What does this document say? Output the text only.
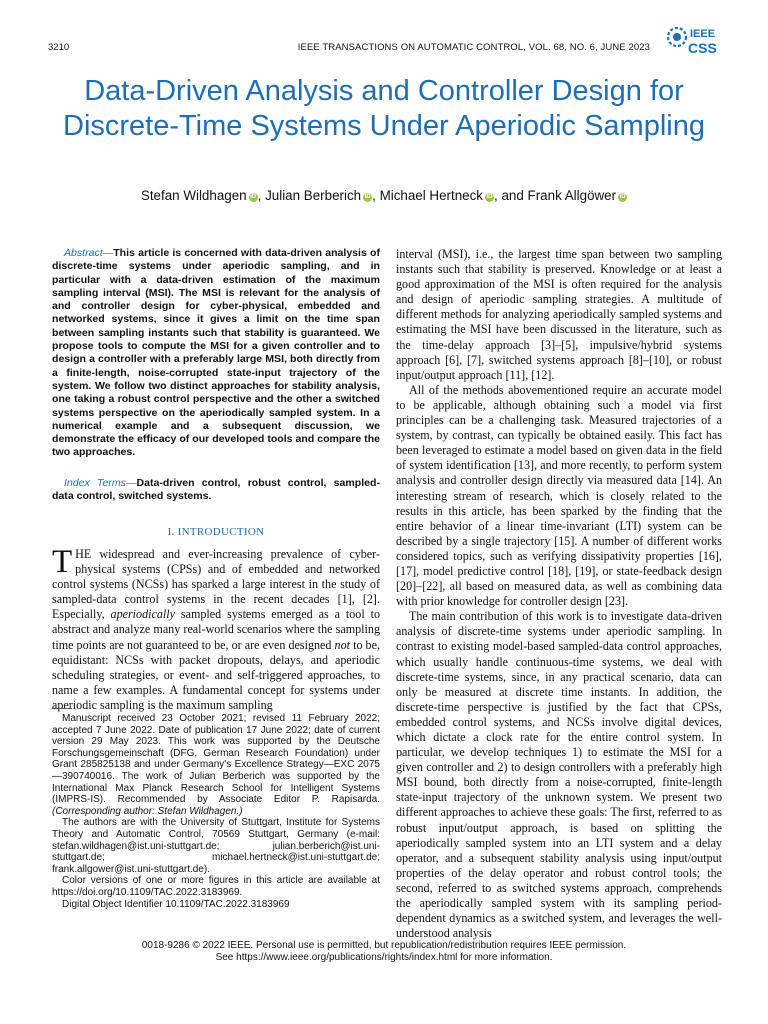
3210	IEEE TRANSACTIONS ON AUTOMATIC CONTROL, VOL. 68, NO. 6, JUNE 2023
IEEE
CSS
Data-Driven Analysis and Controller Design for Discrete-Time Systems Under Aperiodic Sampling
Stefan Wildhagen iD , Julian Berberich iD , Michael Hertneck iD , and Frank Allgöwer iD

Abstract—This article is concerned with data-driven analysis of discrete-time systems under aperiodic sampling, and in particular with a data-driven estimation of the maximum sampling interval (MSI). The MSI is relevant for the analysis of and controller design for cyber-physical, embedded and networked systems, since it gives a limit on the time span between sampling instants such that stability is guaranteed. We propose tools to compute the MSI for a given controller and to design a controller with a preferably large MSI, both directly from a finite-length, noise-corrupted state-input trajectory of the system. We follow two distinct approaches for stability analysis, one taking a robust control perspective and the other a switched systems perspective on the aperiodically sampled system. In a numerical example and a subsequent discussion, we demonstrate the efficacy of our developed tools and compare the two approaches.

Index Terms—Data-driven control, robust control, sampled-data control, switched systems.

I. INTRODUCTION

THE widespread and ever-increasing prevalence of cyber-physical systems (CPSs) and of embedded and networked control systems (NCSs) has sparked a large interest in the study of sampled-data control systems in the recent decades [1], [2]. Especially, aperiodically sampled systems emerged as a tool to abstract and analyze many real-world scenarios where the sampling time points are not guaranteed to be, or are even designed not to be, equidistant: NCSs with packet dropouts, delays, and aperiodic scheduling strategies, or event- and self-triggered approaches, to name a few examples. A fundamental concept for systems under aperiodic sampling is the maximum sampling

Manuscript received 23 October 2021; revised 11 February 2022; accepted 7 June 2022. Date of publication 17 June 2022; date of current version 29 May 2023. This work was supported by the Deutsche Forschungsgemeinschaft (DFG, German Research Foundation) under Grant 285825138 and under Germany's Excellence Strategy—EXC 2075—390740016. The work of Julian Berberich was supported by the International Max Planck Research School for Intelligent Systems (IMPRS-IS). Recommended by Associate Editor P. Rapisarda. (Corresponding author: Stefan Wildhagen.)

The authors are with the University of Stuttgart, Institute for Systems Theory and Automatic Control, 70569 Stuttgart, Germany (e-mail: stefan.wildhagen@ist.uni-stuttgart.de; julian.berberich@ist.uni-stuttgart.de; michael.hertneck@ist.uni-stuttgart.de; frank.allgower@ist.uni-stuttgart.de).

Color versions of one or more figures in this article are available at https://doi.org/10.1109/TAC.2022.3183969.

Digital Object Identifier 10.1109/TAC.2022.3183969

interval (MSI), i.e., the largest time span between two sampling instants such that stability is preserved. Knowledge or at least a good approximation of the MSI is often required for the analysis and design of aperiodic sampling strategies. A multitude of different methods for analyzing aperiodically sampled systems and estimating the MSI have been discussed in the literature, such as the time-delay approach [3]–[5], impulsive/hybrid systems approach [6], [7], switched systems approach [8]–[10], or robust input/output approach [11], [12].

All of the methods abovementioned require an accurate model to be applicable, although obtaining such a model via first principles can be a challenging task. Measured trajectories of a system, by contrast, can typically be obtained easily. This fact has been leveraged to estimate a model based on given data in the field of system identification [13], and more recently, to perform system analysis and controller design directly via measured data [14]. An interesting stream of research, which is closely related to the results in this article, has been sparked by the finding that the entire behavior of a linear time-invariant (LTI) system can be described by a single trajectory [15]. A number of different works considered topics, such as verifying dissipativity properties [16], [17], model predictive control [18], [19], or state-feedback design [20]–[22], all based on measured data, as well as combining data with prior knowledge for controller design [23].

The main contribution of this work is to investigate data-driven analysis of discrete-time systems under aperiodic sampling. In contrast to existing model-based sampled-data control approaches, which usually handle continuous-time systems, we deal with discrete-time systems, since, in any practical scenario, data can only be measured at discrete time instants. In addition, the discrete-time perspective is justified by the fact that CPSs, embedded control systems, and NCSs involve digital devices, which dictate a clock rate for the entire control system. In particular, we develop techniques 1) to estimate the MSI for a given controller and 2) to design controllers with a preferably high MSI bound, both directly from a noise-corrupted, finite-length state-input trajectory of the unknown system. We present two different approaches to achieve these goals: The first, referred to as robust input/output approach, is based on splitting the aperiodically sampled system into an LTI system and a delay operator, and a subsequent stability analysis using input/output properties of the delay operator and robust control tools; the second, referred to as switched systems approach, comprehends the aperiodically sampled system with its sampling period-dependent dynamics as a switched system, and leverages the well-understood analysis

0018-9286 © 2022 IEEE. Personal use is permitted, but republication/redistribution requires IEEE permission.
See https://www.ieee.org/publications/rights/index.html for more information.
